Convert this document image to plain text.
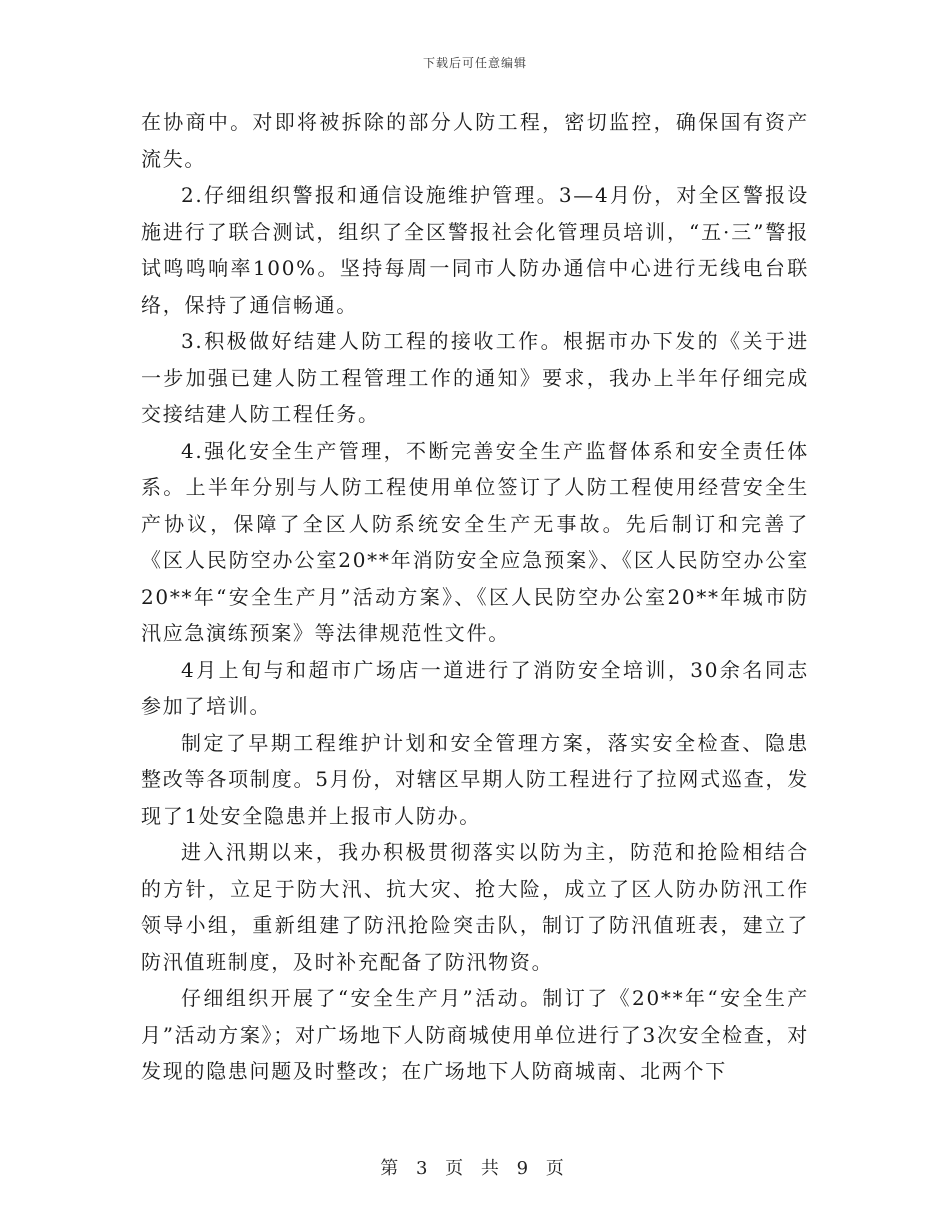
下载后可任意编辑

在协商中。对即将被拆除的部分人防工程，密切监控，确保国有资产流失。

2.仔细组织警报和通信设施维护管理。3—4月份，对全区警报设施进行了联合测试，组织了全区警报社会化管理员培训，“五·三”警报试鸣鸣响率100%。坚持每周一同市人防办通信中心进行无线电台联络，保持了通信畅通。

3.积极做好结建人防工程的接收工作。根据市办下发的《关于进一步加强已建人防工程管理工作的通知》要求，我办上半年仔细完成交接结建人防工程任务。

4.强化安全生产管理，不断完善安全生产监督体系和安全责任体系。上半年分别与人防工程使用单位签订了人防工程使用经营安全生产协议，保障了全区人防系统安全生产无事故。先后制订和完善了《区人民防空办公室20**年消防安全应急预案》、《区人民防空办公室20**年“安全生产月”活动方案》、《区人民防空办公室20**年城市防汛应急演练预案》等法律规范性文件。

4月上旬与和超市广场店一道进行了消防安全培训，30余名同志参加了培训。

制定了早期工程维护计划和安全管理方案，落实安全检查、隐患整改等各项制度。5月份，对辖区早期人防工程进行了拉网式巡查，发现了1处安全隐患并上报市人防办。

进入汛期以来，我办积极贯彻落实以防为主，防范和抢险相结合的方针，立足于防大汛、抗大灾、抢大险，成立了区人防办防汛工作领导小组，重新组建了防汛抢险突击队，制订了防汛值班表，建立了防汛值班制度，及时补充配备了防汛物资。

仔细组织开展了“安全生产月”活动。制订了《20**年“安全生产月”活动方案》；对广场地下人防商城使用单位进行了3次安全检查，对发现的隐患问题及时整改；在广场地下人防商城南、北两个下

第 3 页 共 9 页
